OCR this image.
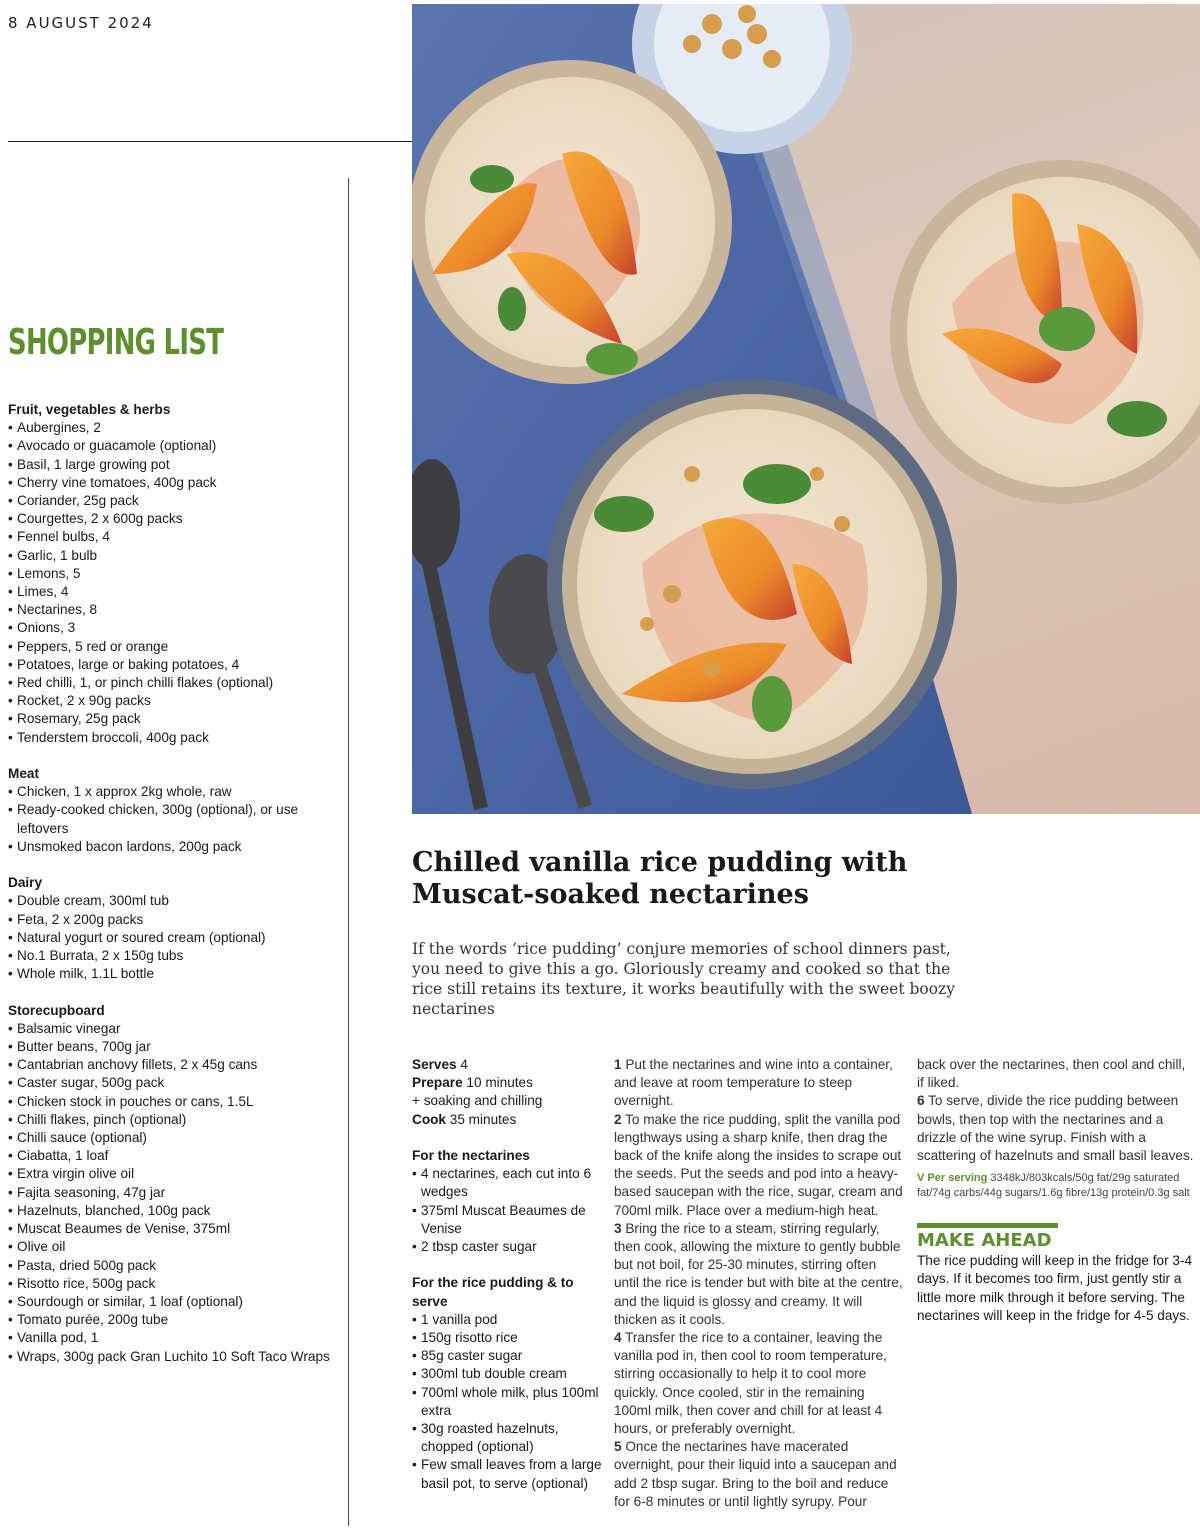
8 AUGUST 2024
SHOPPING LIST
Fruit, vegetables & herbs
• Aubergines, 2
• Avocado or guacamole (optional)
• Basil, 1 large growing pot
• Cherry vine tomatoes, 400g pack
• Coriander, 25g pack
• Courgettes, 2 x 600g packs
• Fennel bulbs, 4
• Garlic, 1 bulb
• Lemons, 5
• Limes, 4
• Nectarines, 8
• Onions, 3
• Peppers, 5 red or orange
• Potatoes, large or baking potatoes, 4
• Red chilli, 1, or pinch chilli flakes (optional)
• Rocket, 2 x 90g packs
• Rosemary, 25g pack
• Tenderstem broccoli, 400g pack
Meat
• Chicken, 1 x approx 2kg whole, raw
• Ready-cooked chicken, 300g (optional), or use leftovers
• Unsmoked bacon lardons, 200g pack
Dairy
• Double cream, 300ml tub
• Feta, 2 x 200g packs
• Natural yogurt or soured cream (optional)
• No.1 Burrata, 2 x 150g tubs
• Whole milk, 1.1L bottle
Storecupboard
• Balsamic vinegar
• Butter beans, 700g jar
• Cantabrian anchovy fillets, 2 x 45g cans
• Caster sugar, 500g pack
• Chicken stock in pouches or cans, 1.5L
• Chilli flakes, pinch (optional)
• Chilli sauce (optional)
• Ciabatta, 1 loaf
• Extra virgin olive oil
• Fajita seasoning, 47g jar
• Hazelnuts, blanched, 100g pack
• Muscat Beaumes de Venise, 375ml
• Olive oil
• Pasta, dried 500g pack
• Risotto rice, 500g pack
• Sourdough or similar, 1 loaf (optional)
• Tomato purée, 200g tube
• Vanilla pod, 1
• Wraps, 300g pack Gran Luchito 10 Soft Taco Wraps
Chilled vanilla rice pudding with
Muscat-soaked nectarines
If the words ‘rice pudding’ conjure memories of school dinners past, you need to give this a go. Gloriously creamy and cooked so that the rice still retains its texture, it works beautifully with the sweet boozy nectarines
Serves 4
Prepare 10 minutes
+ soaking and chilling
Cook 35 minutes
For the nectarines
• 4 nectarines, each cut into 6 wedges
• 375ml Muscat Beaumes de Venise
• 2 tbsp caster sugar
For the rice pudding & to serve
• 1 vanilla pod
• 150g risotto rice
• 85g caster sugar
• 300ml tub double cream
• 700ml whole milk, plus 100ml extra
• 30g roasted hazelnuts, chopped (optional)
• Few small leaves from a large basil pot, to serve (optional)
1 Put the nectarines and wine into a container, and leave at room temperature to steep overnight.
2 To make the rice pudding, split the vanilla pod lengthways using a sharp knife, then drag the back of the knife along the insides to scrape out the seeds. Put the seeds and pod into a heavy-based saucepan with the rice, sugar, cream and 700ml milk. Place over a medium-high heat.
3 Bring the rice to a steam, stirring regularly, then cook, allowing the mixture to gently bubble but not boil, for 25-30 minutes, stirring often until the rice is tender but with bite at the centre, and the liquid is glossy and creamy. It will thicken as it cools.
4 Transfer the rice to a container, leaving the vanilla pod in, then cool to room temperature, stirring occasionally to help it to cool more quickly. Once cooled, stir in the remaining 100ml milk, then cover and chill for at least 4 hours, or preferably overnight.
5 Once the nectarines have macerated overnight, pour their liquid into a saucepan and add 2 tbsp sugar. Bring to the boil and reduce for 6-8 minutes or until lightly syrupy. Pour
back over the nectarines, then cool and chill, if liked.
6 To serve, divide the rice pudding between bowls, then top with the nectarines and a drizzle of the wine syrup. Finish with a scattering of hazelnuts and small basil leaves.
V Per serving 3348kJ/803kcals/50g fat/29g saturated fat/74g carbs/44g sugars/1.6g fibre/13g protein/0.3g salt
MAKE AHEAD
The rice pudding will keep in the fridge for 3-4 days. If it becomes too firm, just gently stir a little more milk through it before serving. The nectarines will keep in the fridge for 4-5 days.
